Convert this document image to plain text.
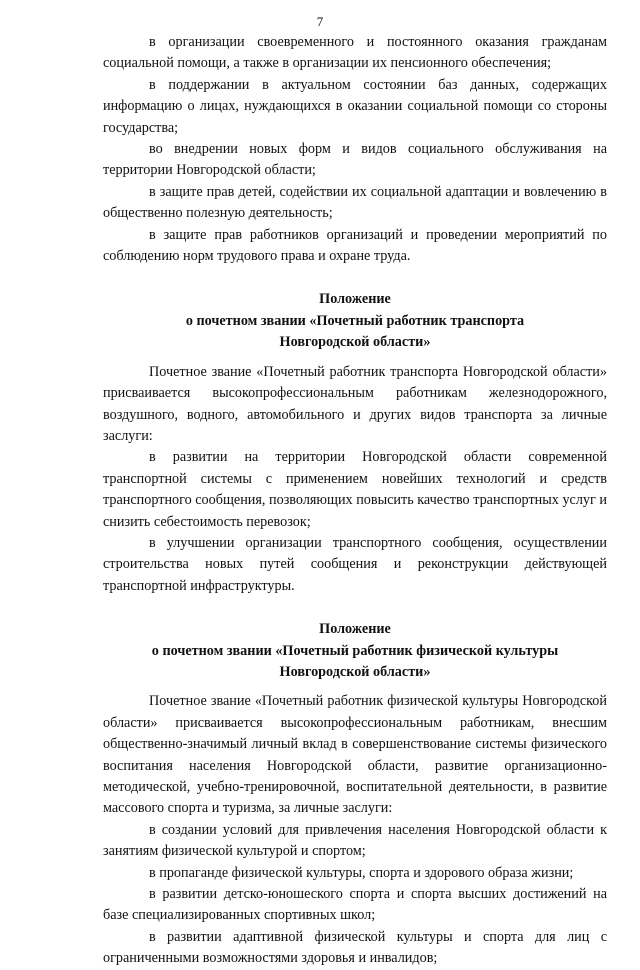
7

в организации своевременного и постоянного оказания гражданам социальной помощи, а также в организации их пенсионного обеспечения;

в поддержании в актуальном состоянии баз данных, содержащих информацию о лицах, нуждающихся в оказании социальной помощи со стороны государства;

во внедрении новых форм и видов социального обслуживания на территории Новгородской области;

в защите прав детей, содействии их социальной адаптации и вовлечению в общественно полезную деятельность;

в защите прав работников организаций и проведении мероприятий по соблюдению норм трудового права и охране труда.

Положение

о почетном звании «Почетный работник транспорта

Новгородской области»

Почетное звание «Почетный работник транспорта Новгородской области» присваивается высокопрофессиональным работникам железнодорожного, воздушного, водного, автомобильного и других видов транспорта за личные заслуги:

в развитии на территории Новгородской области современной транспортной системы с применением новейших технологий и средств транспортного сообщения, позволяющих повысить качество транспортных услуг и снизить себестоимость перевозок;

в улучшении организации транспортного сообщения, осуществлении строительства новых путей сообщения и реконструкции действующей транспортной инфраструктуры.

Положение

о почетном звании «Почетный работник физической культуры

Новгородской области»

Почетное звание «Почетный работник физической культуры Новгородской области» присваивается высокопрофессиональным работникам, внесшим общественно-значимый личный вклад в совершенствование системы физического воспитания населения Новгородской области, развитие организационно-методической, учебно-тренировочной, воспитательной деятельности, в развитие массового спорта и туризма, за личные заслуги:

в создании условий для привлечения населения Новгородской области к занятиям физической культурой и спортом;

в пропаганде физической культуры, спорта и здорового образа жизни;

в развитии детско-юношеского спорта и спорта высших достижений на базе специализированных спортивных школ;

в развитии адаптивной физической культуры и спорта для лиц с ограниченными возможностями здоровья и инвалидов;
